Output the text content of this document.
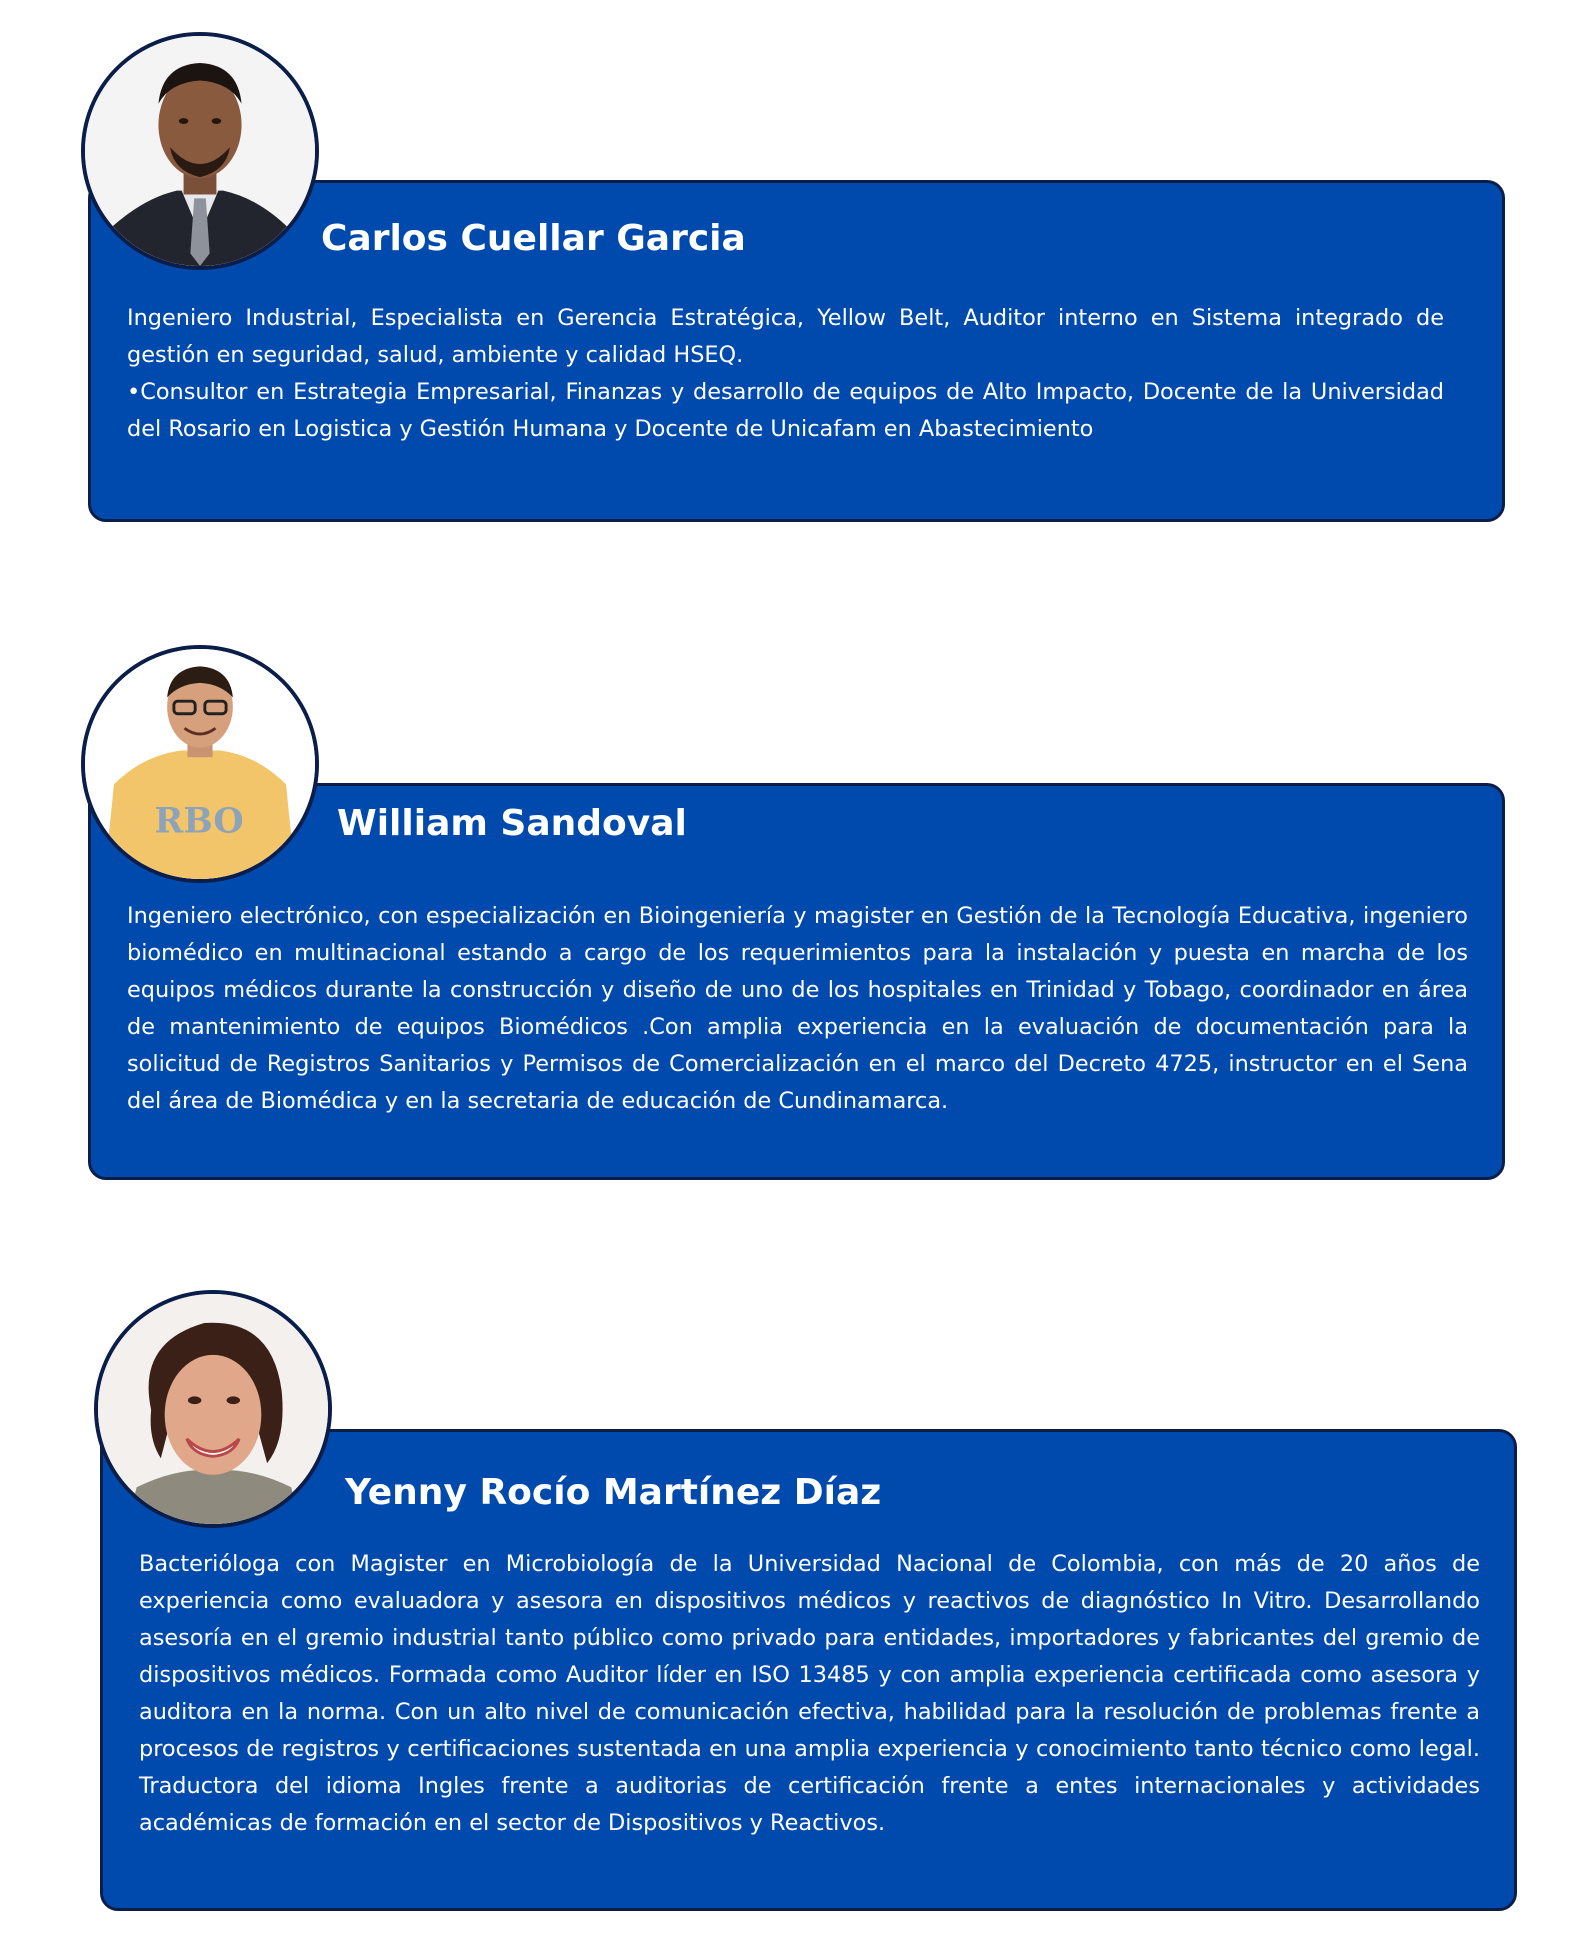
Carlos Cuellar Garcia

Ingeniero Industrial, Especialista en Gerencia Estratégica, Yellow Belt, Auditor interno en Sistema integrado de gestión en seguridad, salud, ambiente y calidad HSEQ.

•Consultor en Estrategia Empresarial, Finanzas y desarrollo de equipos de Alto Impacto, Docente de la Universidad del Rosario en Logistica y Gestión Humana y Docente de Unicafam en Abastecimiento

William Sandoval

Ingeniero electrónico, con especialización en Bioingeniería y magister en Gestión de la Tecnología Educativa, ingeniero biomédico en multinacional estando a cargo de los requerimientos para la instalación y puesta en marcha de los equipos médicos durante la construcción y diseño de uno de los hospitales en Trinidad y Tobago, coordinador en área de mantenimiento de equipos Biomédicos .Con amplia experiencia en la evaluación de documentación para la solicitud de Registros Sanitarios y Permisos de Comercialización en el marco del Decreto 4725, instructor en el Sena del área de Biomédica y en la secretaria de educación de Cundinamarca.

RBO
Yenny Rocío Martínez Díaz

Bacterióloga con Magister en Microbiología de la Universidad Nacional de Colombia, con más de 20 años de experiencia como evaluadora y asesora en dispositivos médicos y reactivos de diagnóstico In Vitro. Desarrollando asesoría en el gremio industrial tanto público como privado para entidades, importadores y fabricantes del gremio de dispositivos médicos. Formada como Auditor líder en ISO 13485 y con amplia experiencia certificada como asesora y auditora en la norma. Con un alto nivel de comunicación efectiva, habilidad para la resolución de problemas frente a procesos de registros y certificaciones sustentada en una amplia experiencia y conocimiento tanto técnico como legal. Traductora del idioma Ingles frente a auditorias de certificación frente a entes internacionales y actividades académicas de formación en el sector de Dispositivos y Reactivos.
